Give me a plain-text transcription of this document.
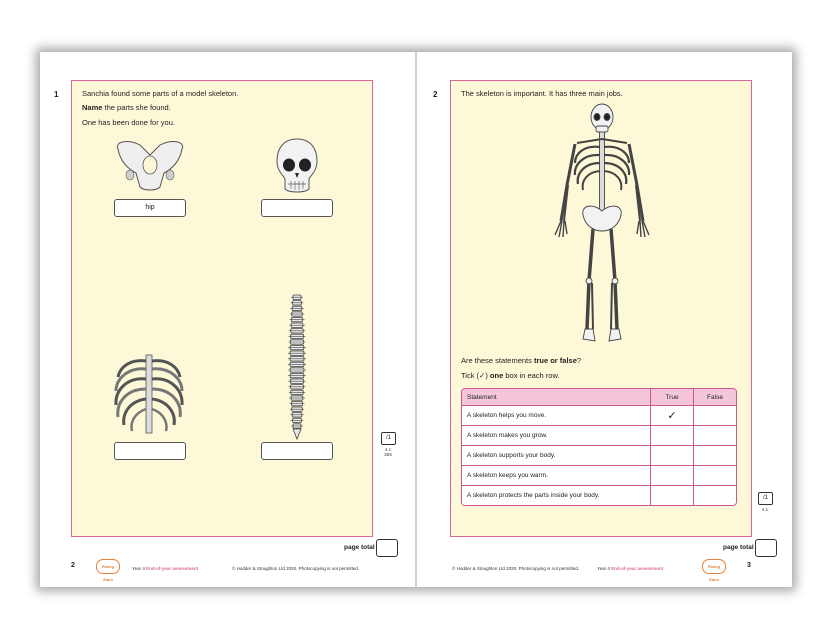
1	Sanchia found some parts of a model skeleton.
Name the parts she found.
One has been done for you.
hip
/1
4.1
3B5
page total
2	Rising Stars
Year 4 End-of-year assessment	© Hodder & Stoughton Ltd 2020. Photocopying is not permitted.
2	The skeleton is important. It has three main jobs.
Are these statements true or false?
Tick (✓) one box in each row.
Statement	True	False
A skeleton helps you move.	✓	
A skeleton makes you grow.		
A skeleton supports your body.		
A skeleton keeps you warm.		
A skeleton protects the parts inside your body.			/1
4.1
page total
© Hodder & Stoughton Ltd 2020. Photocopying is not permitted.	Year 4 End-of-year assessment	Rising Stars
3
